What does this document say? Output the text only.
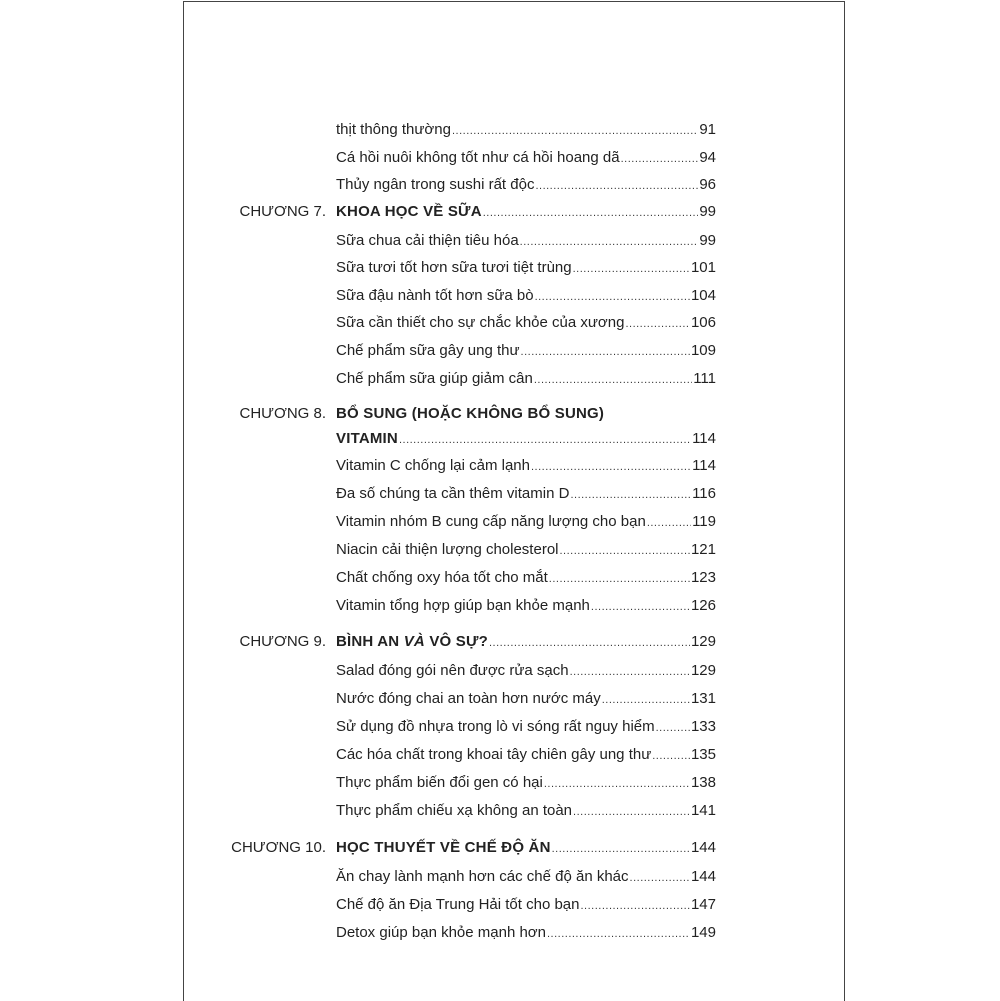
thịt thông thường .....	91
Cá hồi nuôi không tốt như cá hồi hoang dã .....	94
Thủy ngân trong sushi rất độc .....	96
CHƯƠNG 7. KHOA HỌC VỀ SỮA .....	99
Sữa chua cải thiện tiêu hóa .....	99
Sữa tươi tốt hơn sữa tươi tiệt trùng .....	101
Sữa đậu nành tốt hơn sữa bò .....	104
Sữa cần thiết cho sự chắc khỏe của xương .....	106
Chế phẩm sữa gây ung thư .....	109
Chế phẩm sữa giúp giảm cân .....	111
CHƯƠNG 8. BỔ SUNG (HOẶC KHÔNG BỔ SUNG)
VITAMIN .....	114
Vitamin C chống lại cảm lạnh .....	114
Đa số chúng ta cần thêm vitamin D .....	116
Vitamin nhóm B cung cấp năng lượng cho bạn .....	119
Niacin cải thiện lượng cholesterol .....	121
Chất chống oxy hóa tốt cho mắt .....	123
Vitamin tổng hợp giúp bạn khỏe mạnh .....	126
CHƯƠNG 9. BÌNH AN VÀ VÔ SỰ? .....	129
Salad đóng gói nên được rửa sạch .....	129
Nước đóng chai an toàn hơn nước máy .....	131
Sử dụng đồ nhựa trong lò vi sóng rất nguy hiểm ..... 133
Các hóa chất trong khoai tây chiên gây ung thư .....	135
Thực phẩm biến đổi gen có hại .....	138
Thực phẩm chiếu xạ không an toàn .....	141
CHƯƠNG 10. HỌC THUYẾT VỀ CHẾ ĐỘ ĂN .....	144
Ăn chay lành mạnh hơn các chế độ ăn khác .....	144
Chế độ ăn Địa Trung Hải tốt cho bạn .....	147
Detox giúp bạn khỏe mạnh hơn .....	149
